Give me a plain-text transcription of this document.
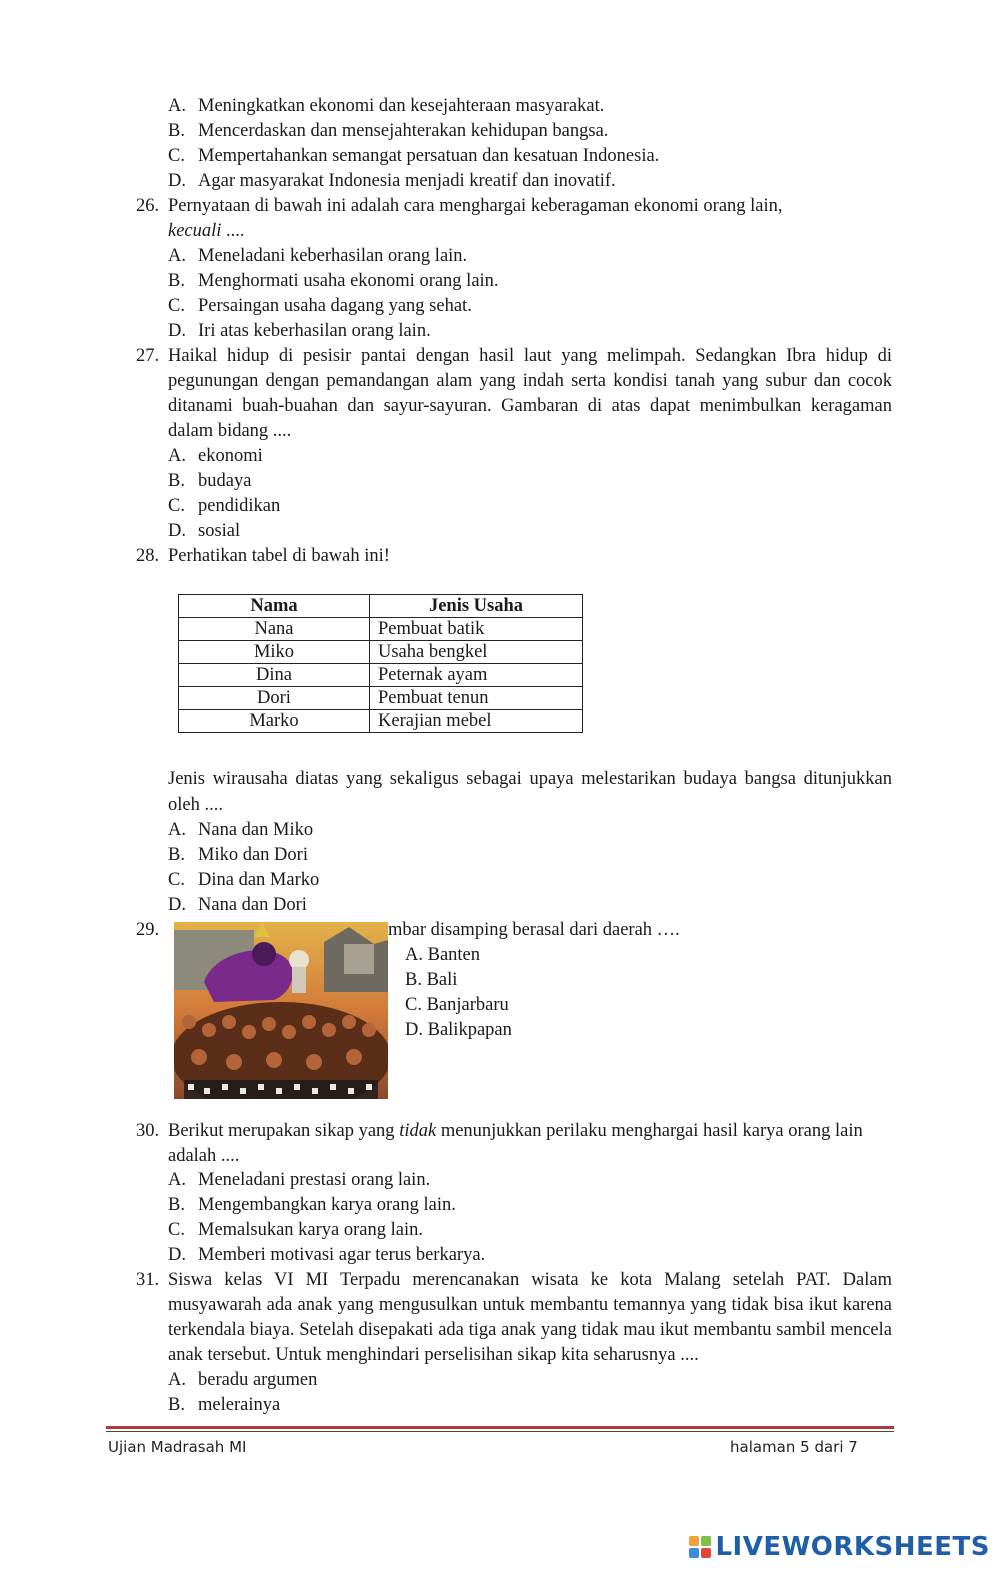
A. Meningkatkan ekonomi dan kesejahteraan masyarakat.
B. Mencerdaskan dan mensejahterakan kehidupan bangsa.
C. Mempertahankan semangat persatuan dan kesatuan Indonesia.
D. Agar masyarakat Indonesia menjadi kreatif dan inovatif.
26. Pernyataan di bawah ini adalah cara menghargai keberagaman ekonomi orang lain,
kecuali ....
A. Meneladani keberhasilan orang lain.
B. Menghormati usaha ekonomi orang lain.
C. Persaingan usaha dagang yang sehat.
D. Iri atas keberhasilan orang lain.
27. Haikal hidup di pesisir pantai dengan hasil laut yang melimpah. Sedangkan Ibra hidup di pegunungan dengan pemandangan alam yang indah serta kondisi tanah yang subur dan cocok ditanami buah-buahan dan sayur-sayuran. Gambaran di atas dapat menimbulkan keragaman dalam bidang ....
A. ekonomi
B. budaya
C. pendidikan
D. sosial
28. Perhatikan tabel di bawah ini!
Nama	Jenis Usaha
Nana	Pembuat batik
Miko	Usaha bengkel
Dina	Peternak ayam
Dori	Pembuat tenun
Marko	Kerajian mebel
Jenis wirausaha diatas yang sekaligus sebagai upaya melestarikan budaya bangsa ditunjukkan oleh ....
A. Nana dan Miko
B. Miko dan Dori
C. Dina dan Marko
D. Nana dan Dori
29.	mbar disamping berasal dari daerah ….
A. Banten
B. Bali
C. Banjarbaru
D. Balikpapan
30. Berikut merupakan sikap yang tidak menunjukkan perilaku menghargai hasil karya orang lain adalah ....
A. Meneladani prestasi orang lain.
B. Mengembangkan karya orang lain.
C. Memalsukan karya orang lain.
D. Memberi motivasi agar terus berkarya.
31. Siswa kelas VI MI Terpadu merencanakan wisata ke kota Malang setelah PAT. Dalam musyawarah ada anak yang mengusulkan untuk membantu temannya yang tidak bisa ikut karena terkendala biaya. Setelah disepakati ada tiga anak yang tidak mau ikut membantu sambil mencela anak tersebut. Untuk menghindari perselisihan sikap kita seharusnya ....
A. beradu argumen
B. melerainya
Ujian Madrasah MI	halaman 5 dari 7
LIVEWORKSHEETS
